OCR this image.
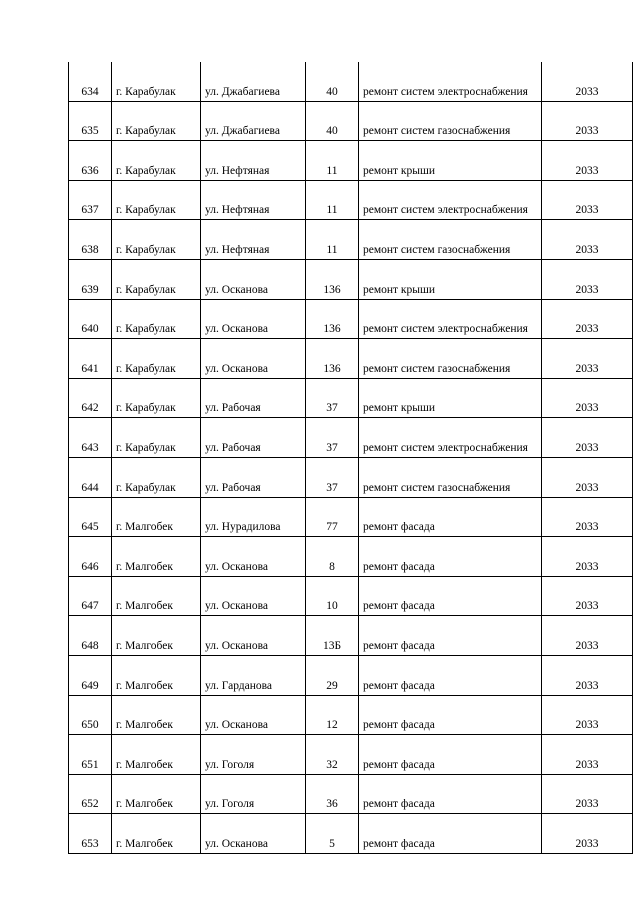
634	г. Карабулак	ул. Джабагиева	40	ремонт систем электроснабжения	2033
635	г. Карабулак	ул. Джабагиева	40	ремонт систем газоснабжения	2033
636	г. Карабулак	ул. Нефтяная	11	ремонт крыши	2033
637	г. Карабулак	ул. Нефтяная	11	ремонт систем электроснабжения	2033
638	г. Карабулак	ул. Нефтяная	11	ремонт систем газоснабжения	2033
639	г. Карабулак	ул. Осканова	136	ремонт крыши	2033
640	г. Карабулак	ул. Осканова	136	ремонт систем электроснабжения	2033
641	г. Карабулак	ул. Осканова	136	ремонт систем газоснабжения	2033
642	г. Карабулак	ул. Рабочая	37	ремонт крыши	2033
643	г. Карабулак	ул. Рабочая	37	ремонт систем электроснабжения	2033
644	г. Карабулак	ул. Рабочая	37	ремонт систем газоснабжения	2033
645	г. Малгобек	ул. Нурадилова	77	ремонт фасада	2033
646	г. Малгобек	ул. Осканова	8	ремонт фасада	2033
647	г. Малгобек	ул. Осканова	10	ремонт фасада	2033
648	г. Малгобек	ул. Осканова	13Б	ремонт фасада	2033
649	г. Малгобек	ул. Гарданова	29	ремонт фасада	2033
650	г. Малгобек	ул. Осканова	12	ремонт фасада	2033
651	г. Малгобек	ул. Гоголя	32	ремонт фасада	2033
652	г. Малгобек	ул. Гоголя	36	ремонт фасада	2033
653	г. Малгобек	ул. Осканова	5	ремонт фасада	2033
